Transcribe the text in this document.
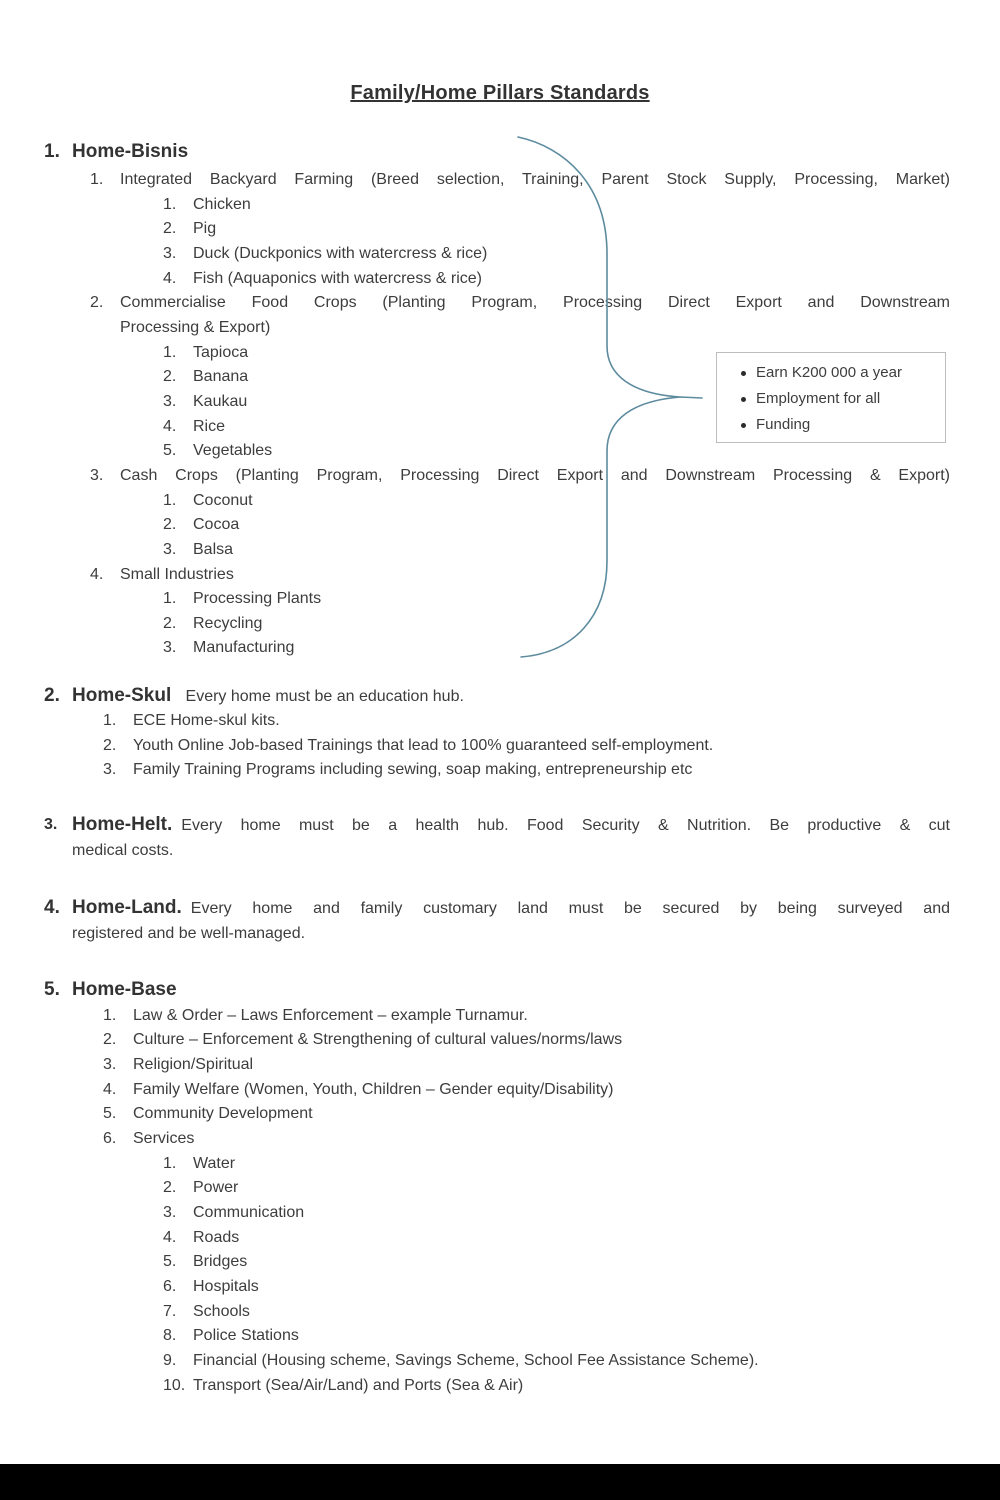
Family/Home Pillars Standards
1. Home-Bisnis
1. Integrated Backyard Farming (Breed selection, Training, Parent Stock Supply, Processing, Market)
1. Chicken
2. Pig
3. Duck (Duckponics with watercress & rice)
4. Fish (Aquaponics with watercress & rice)
2. Commercialise Food Crops (Planting Program, Processing Direct Export and Downstream
Processing & Export)
1. Tapioca
2. Banana
3. Kaukau
4. Rice
5. Vegetables
3. Cash Crops (Planting Program, Processing Direct Export and Downstream Processing & Export)
1. Coconut
2. Cocoa
3. Balsa
4. Small Industries
1. Processing Plants
2. Recycling
3. Manufacturing
2. Home-Skul Every home must be an education hub.
1. ECE Home-skul kits.
2. Youth Online Job-based Trainings that lead to 100% guaranteed self-employment.
3. Family Training Programs including sewing, soap making, entrepreneurship etc
3. Home-Helt. Every home must be a health hub. Food Security & Nutrition. Be productive & cut
medical costs.
4. Home-Land. Every home and family customary land must be secured by being surveyed and
registered and be well-managed.
5. Home-Base
1. Law & Order – Laws Enforcement – example Turnamur.
2. Culture – Enforcement & Strengthening of cultural values/norms/laws
3. Religion/Spiritual
4. Family Welfare (Women, Youth, Children – Gender equity/Disability)
5. Community Development
6. Services
1. Water
2. Power
3. Communication
4. Roads
5. Bridges
6. Hospitals
7. Schools
8. Police Stations
9. Financial (Housing scheme, Savings Scheme, School Fee Assistance Scheme).
10. Transport (Sea/Air/Land) and Ports (Sea & Air)
Earn K200 000 a year
Employment for all
Funding
